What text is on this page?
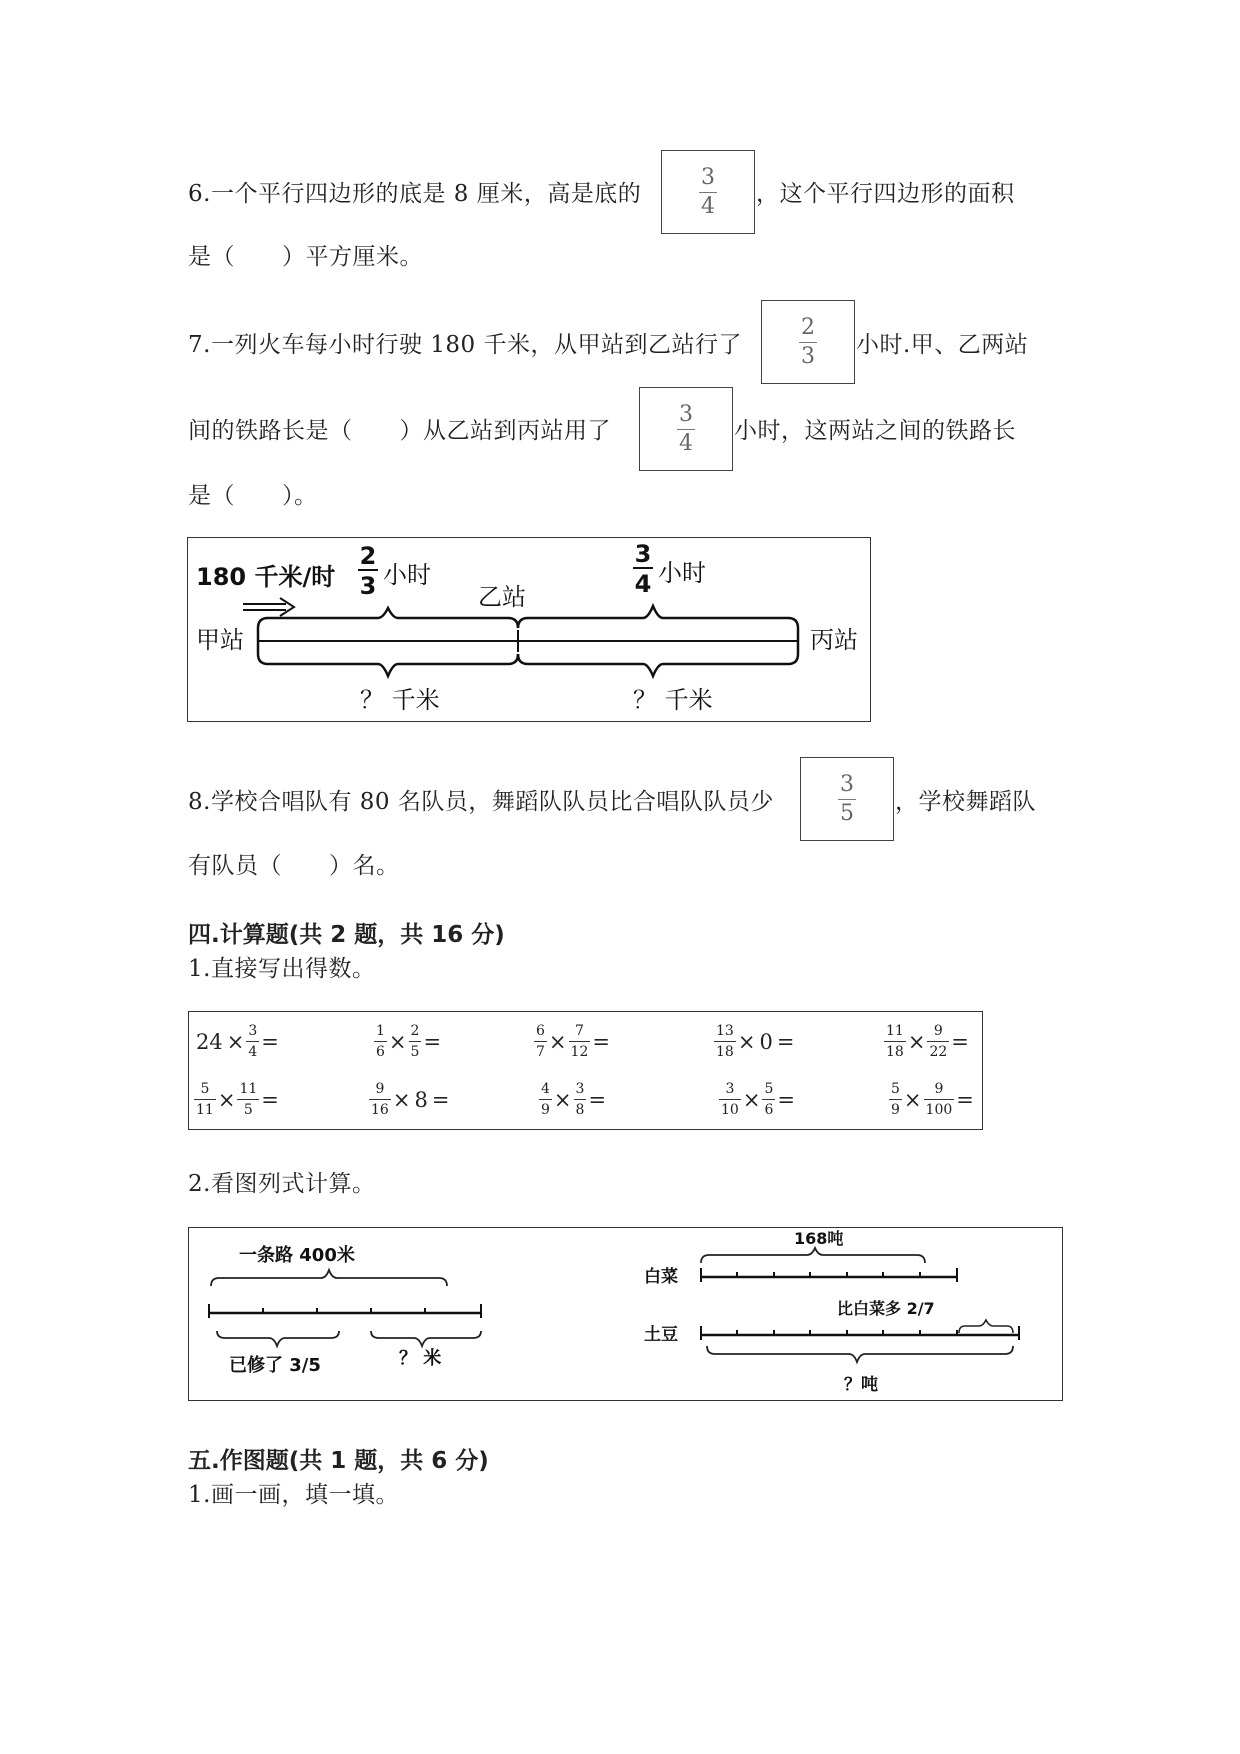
6.一个平行四边形的底是 8 厘米，高是底的
3
4 ，这个平行四边形的面积
是（　　）平方厘米。
7.一列火车每小时行驶 180 千米，从甲站到乙站行了
2
3 小时.甲、乙两站
间的铁路长是（　　）从乙站到丙站用了
3
4 小时，这两站之间的铁路长
是（　　）。
180 千米/时
2
3 小时
3
4 小时
乙站
甲站	丙站
？ 千米	？ 千米
8.学校合唱队有 80 名队员，舞蹈队队员比合唱队队员少
3
5 ，学校舞蹈队
有队员（　　）名。
四.计算题(共 2 题，共 16 分)
1.直接写出得数。
$24 \times \frac{3}{4}$ =	$\frac{1}{6} \times \frac{2}{5}$ =	$\frac{6}{7} \times \frac{7}{12}$ =	$\frac{13}{18} \times 0$ =	$\frac{11}{18} \times \frac{9}{22}$ =
$\frac{5}{11} \times \frac{11}{5}$ =	$\frac{9}{16} \times 8$ =	$\frac{4}{9} \times \frac{3}{8}$ =	$\frac{3}{10} \times \frac{5}{6}$ =	$\frac{5}{9} \times \frac{9}{100}$ =
2.看图列式计算。
一条路 400米
已修了 3/5	？ 米
168吨
白菜
比白菜多 2/7
土豆
？吨
五.作图题(共 1 题，共 6 分)
1.画一画，填一填。
